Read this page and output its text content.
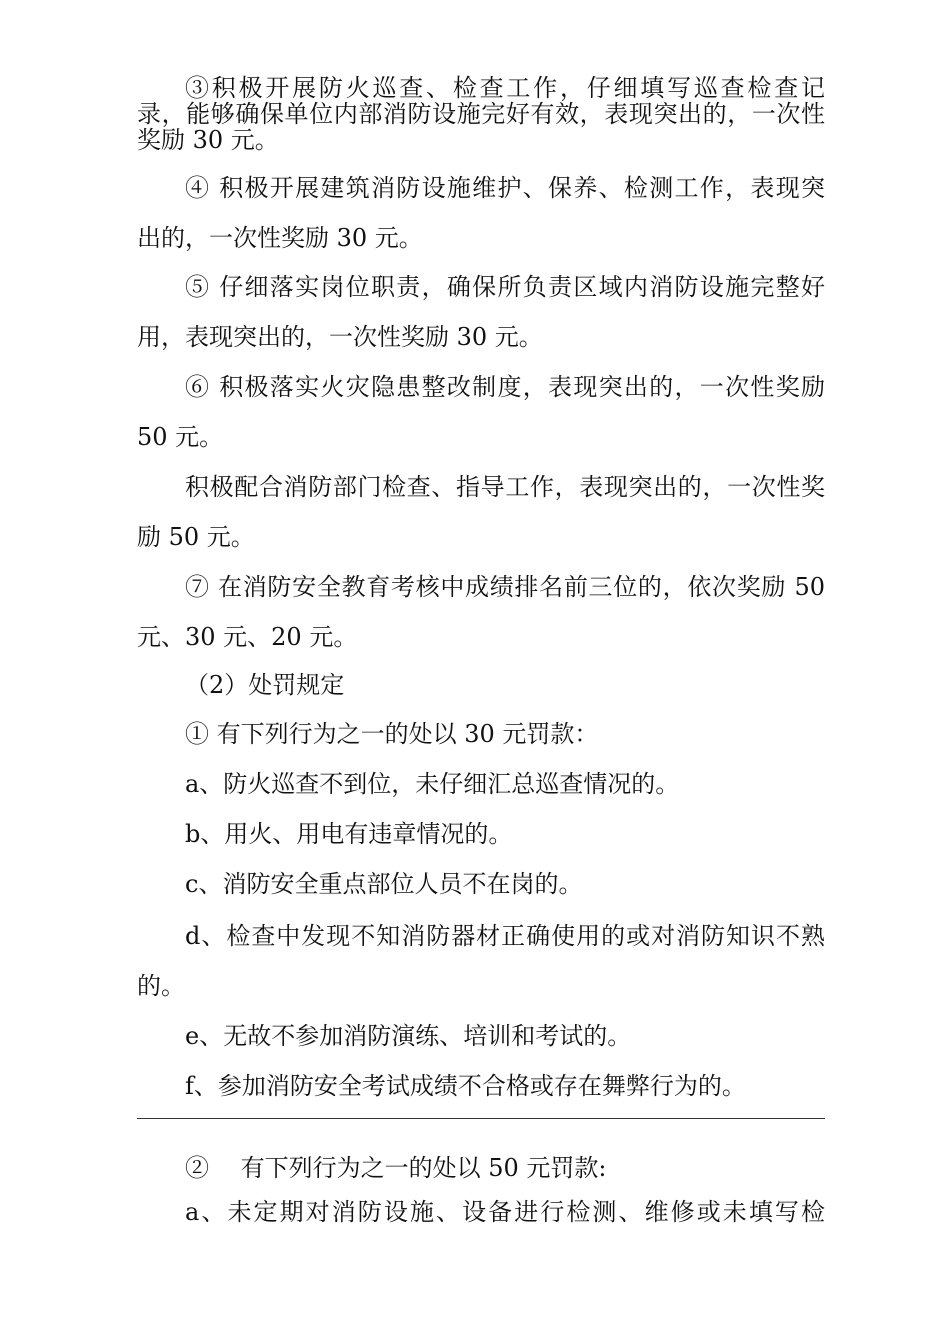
③积极开展防火巡查、检查工作，仔细填写巡查检查记
录，能够确保单位内部消防设施完好有效，表现突出的，一次性
奖励 30 元。
④ 积极开展建筑消防设施维护、保养、检测工作，表现突
出的，一次性奖励 30 元。
⑤ 仔细落实岗位职责，确保所负责区域内消防设施完整好
用，表现突出的，一次性奖励 30 元。
⑥ 积极落实火灾隐患整改制度，表现突出的，一次性奖励
50 元。
积极配合消防部门检查、指导工作，表现突出的，一次性奖
励 50 元。
⑦ 在消防安全教育考核中成绩排名前三位的，依次奖励 50
元、30 元、20 元。
（2）处罚规定
① 有下列行为之一的处以 30 元罚款：
a、防火巡查不到位，未仔细汇总巡查情况的。
b、用火、用电有违章情况的。
c、消防安全重点部位人员不在岗的。
d、检查中发现不知消防器材正确使用的或对消防知识不熟
的。
e、无故不参加消防演练、培训和考试的。
f、参加消防安全考试成绩不合格或存在舞弊行为的。
②　 有下列行为之一的处以 50 元罚款:
a、未定期对消防设施、设备进行检测、维修或未填写检
